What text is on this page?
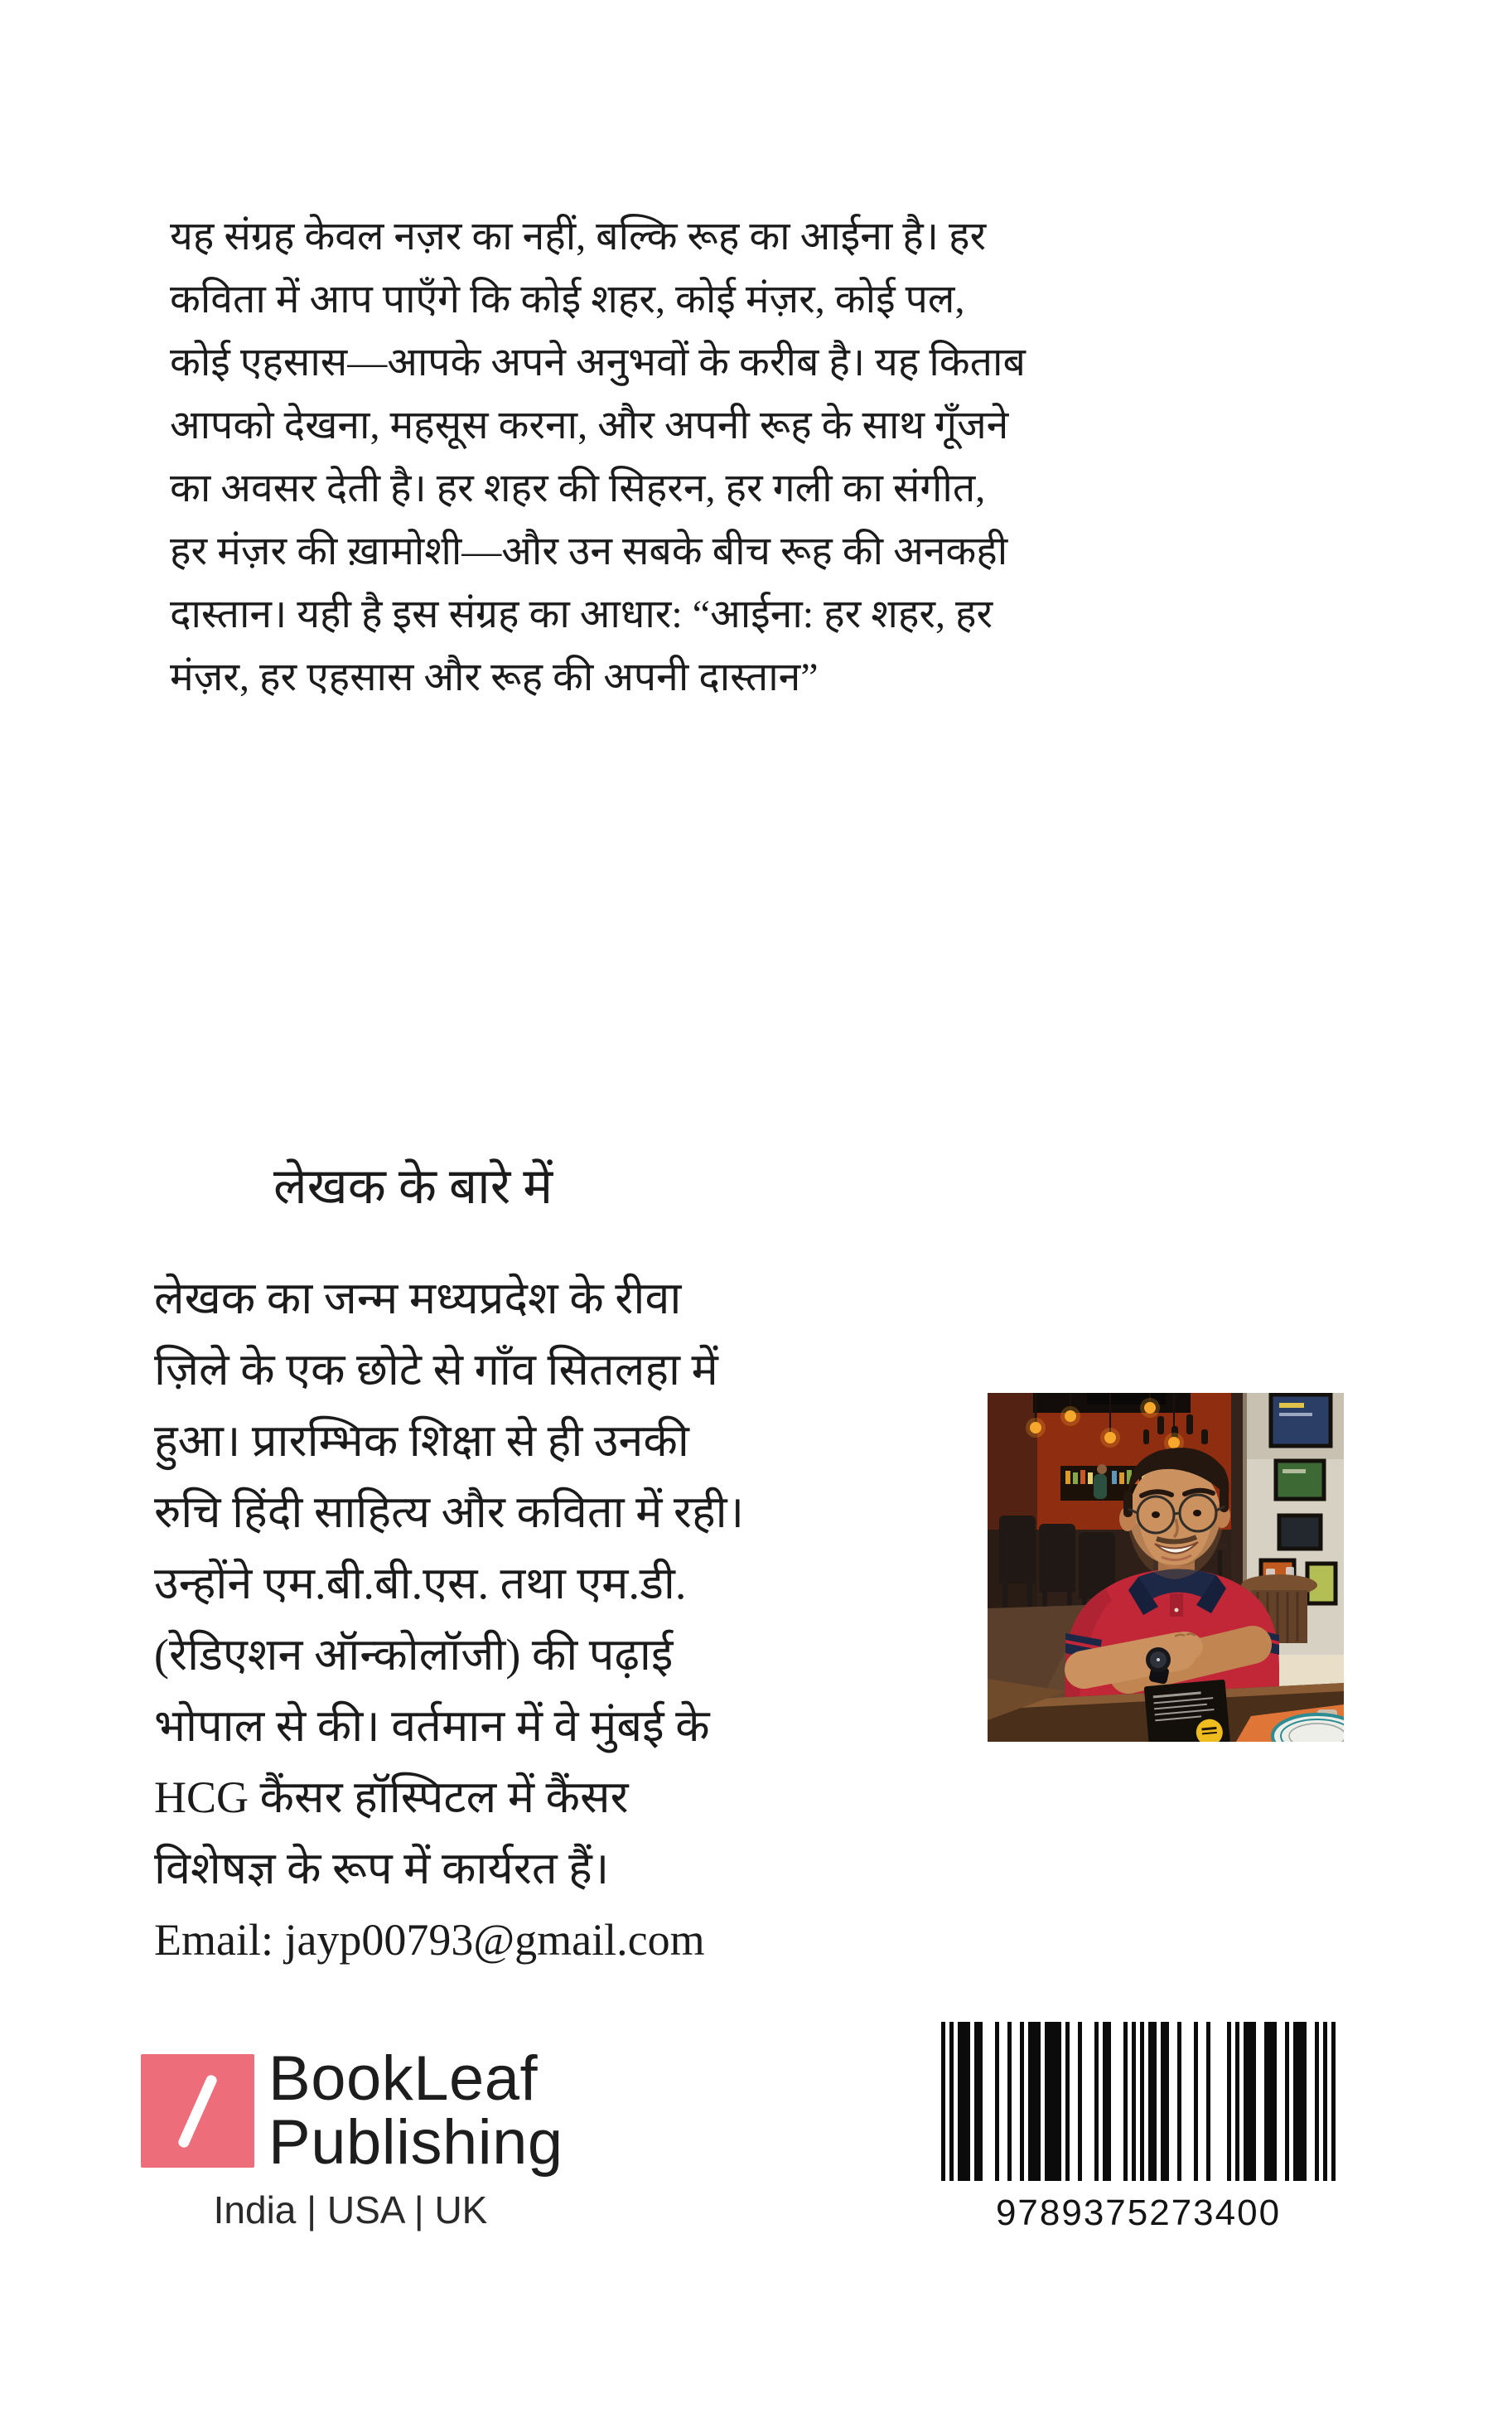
यह संग्रह केवल नज़र का नहीं, बल्कि रूह का आईना है। हर
कविता में आप पाएँगे कि कोई शहर, कोई मंज़र, कोई पल,
कोई एहसास—आपके अपने अनुभवों के करीब है। यह किताब
आपको देखना, महसूस करना, और अपनी रूह के साथ गूँजने
का अवसर देती है। हर शहर की सिहरन, हर गली का संगीत,
हर मंज़र की ख़ामोशी—और उन सबके बीच रूह की अनकही
दास्तान। यही है इस संग्रह का आधार: “आईना: हर शहर, हर
मंज़र, हर एहसास और रूह की अपनी दास्तान”
लेखक के बारे में
लेखक का जन्म मध्यप्रदेश के रीवा
ज़िले के एक छोटे से गाँव सितलहा में
हुआ। प्रारम्भिक शिक्षा से ही उनकी
रुचि हिंदी साहित्य और कविता में रही।
उन्होंने एम.बी.बी.एस. तथा एम.डी.
(रेडिएशन ऑन्कोलॉजी) की पढ़ाई
भोपाल से की। वर्तमान में वे मुंबई के
HCG कैंसर हॉस्पिटल में कैंसर
विशेषज्ञ के रूप में कार्यरत हैं।
Email: jayp00793@gmail.com
BookLeaf
Publishing
India | USA | UK	9789375273400
